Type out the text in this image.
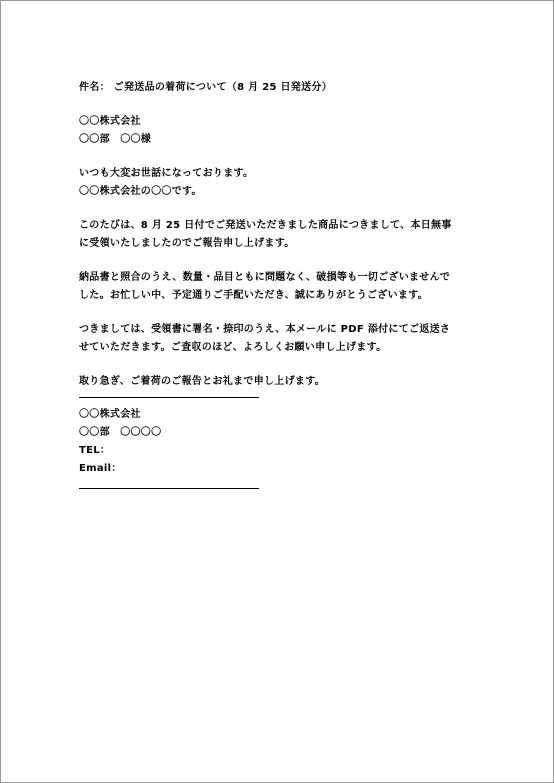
件名： ご発送品の着荷について（8 月 25 日発送分）
〇〇株式会社
〇〇部　〇〇様
いつも大変お世話になっております。
〇〇株式会社の〇〇です。
このたびは、8 月 25 日付でご発送いただきました商品につきまして、本日無事
に受領いたしましたのでご報告申し上げます。
納品書と照合のうえ、数量・品目ともに問題なく、破損等も一切ございませんで
した。お忙しい中、予定通りご手配いただき、誠にありがとうございます。
つきましては、受領書に署名・捺印のうえ、本メールに PDF 添付にてご返送さ
せていただきます。ご査収のほど、よろしくお願い申し上げます。
取り急ぎ、ご着荷のご報告とお礼まで申し上げます。
〇〇株式会社
〇〇部　〇〇〇〇
TEL：
Email：
